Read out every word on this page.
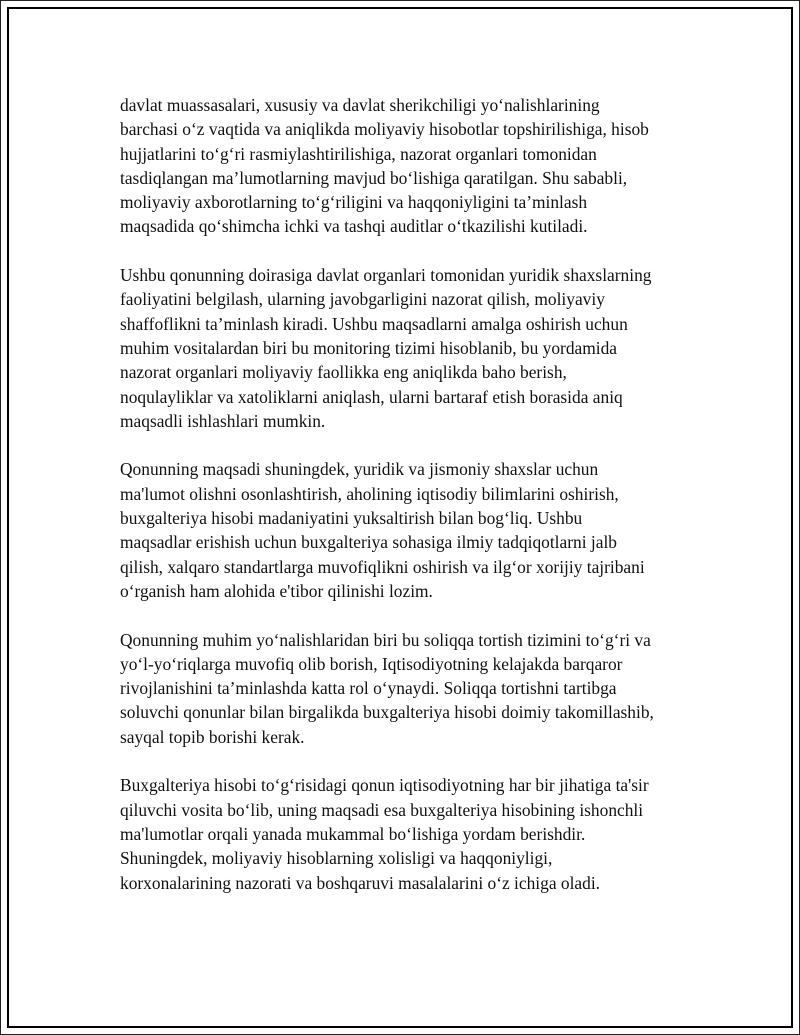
davlat muassasalari, xususiy va davlat sherikchiligi yo‘nalishlarining
barchasi o‘z vaqtida va aniqlikda moliyaviy hisobotlar topshirilishiga, hisob
hujjatlarini to‘g‘ri rasmiylashtirilishiga, nazorat organlari tomonidan
tasdiqlangan ma’lumotlarning mavjud bo‘lishiga qaratilgan. Shu sababli,
moliyaviy axborotlarning to‘g‘riligini va haqqoniyligini ta’minlash
maqsadida qo‘shimcha ichki va tashqi auditlar o‘tkazilishi kutiladi.

Ushbu qonunning doirasiga davlat organlari tomonidan yuridik shaxslarning
faoliyatini belgilash, ularning javobgarligini nazorat qilish, moliyaviy
shaffoflikni ta’minlash kiradi. Ushbu maqsadlarni amalga oshirish uchun
muhim vositalardan biri bu monitoring tizimi hisoblanib, bu yordamida
nazorat organlari moliyaviy faollikka eng aniqlikda baho berish,
noqulayliklar va xatoliklarni aniqlash, ularni bartaraf etish borasida aniq
maqsadli ishlashlari mumkin.

Qonunning maqsadi shuningdek, yuridik va jismoniy shaxslar uchun
ma'lumot olishni osonlashtirish, aholining iqtisodiy bilimlarini oshirish,
buxgalteriya hisobi madaniyatini yuksaltirish bilan bog‘liq. Ushbu
maqsadlar erishish uchun buxgalteriya sohasiga ilmiy tadqiqotlarni jalb
qilish, xalqaro standartlarga muvofiqlikni oshirish va ilg‘or xorijiy tajribani
o‘rganish ham alohida e'tibor qilinishi lozim.

Qonunning muhim yo‘nalishlaridan biri bu soliqqa tortish tizimini to‘g‘ri va
yo‘l-yo‘riqlarga muvofiq olib borish, Iqtisodiyotning kelajakda barqaror
rivojlanishini ta’minlashda katta rol o‘ynaydi. Soliqqa tortishni tartibga
soluvchi qonunlar bilan birgalikda buxgalteriya hisobi doimiy takomillashib,
sayqal topib borishi kerak.

Buxgalteriya hisobi to‘g‘risidagi qonun iqtisodiyotning har bir jihatiga ta'sir
qiluvchi vosita bo‘lib, uning maqsadi esa buxgalteriya hisobining ishonchli
ma'lumotlar orqali yanada mukammal bo‘lishiga yordam berishdir.
Shuningdek, moliyaviy hisoblarning xolisligi va haqqoniyligi,
korxonalarining nazorati va boshqaruvi masalalarini o‘z ichiga oladi.
